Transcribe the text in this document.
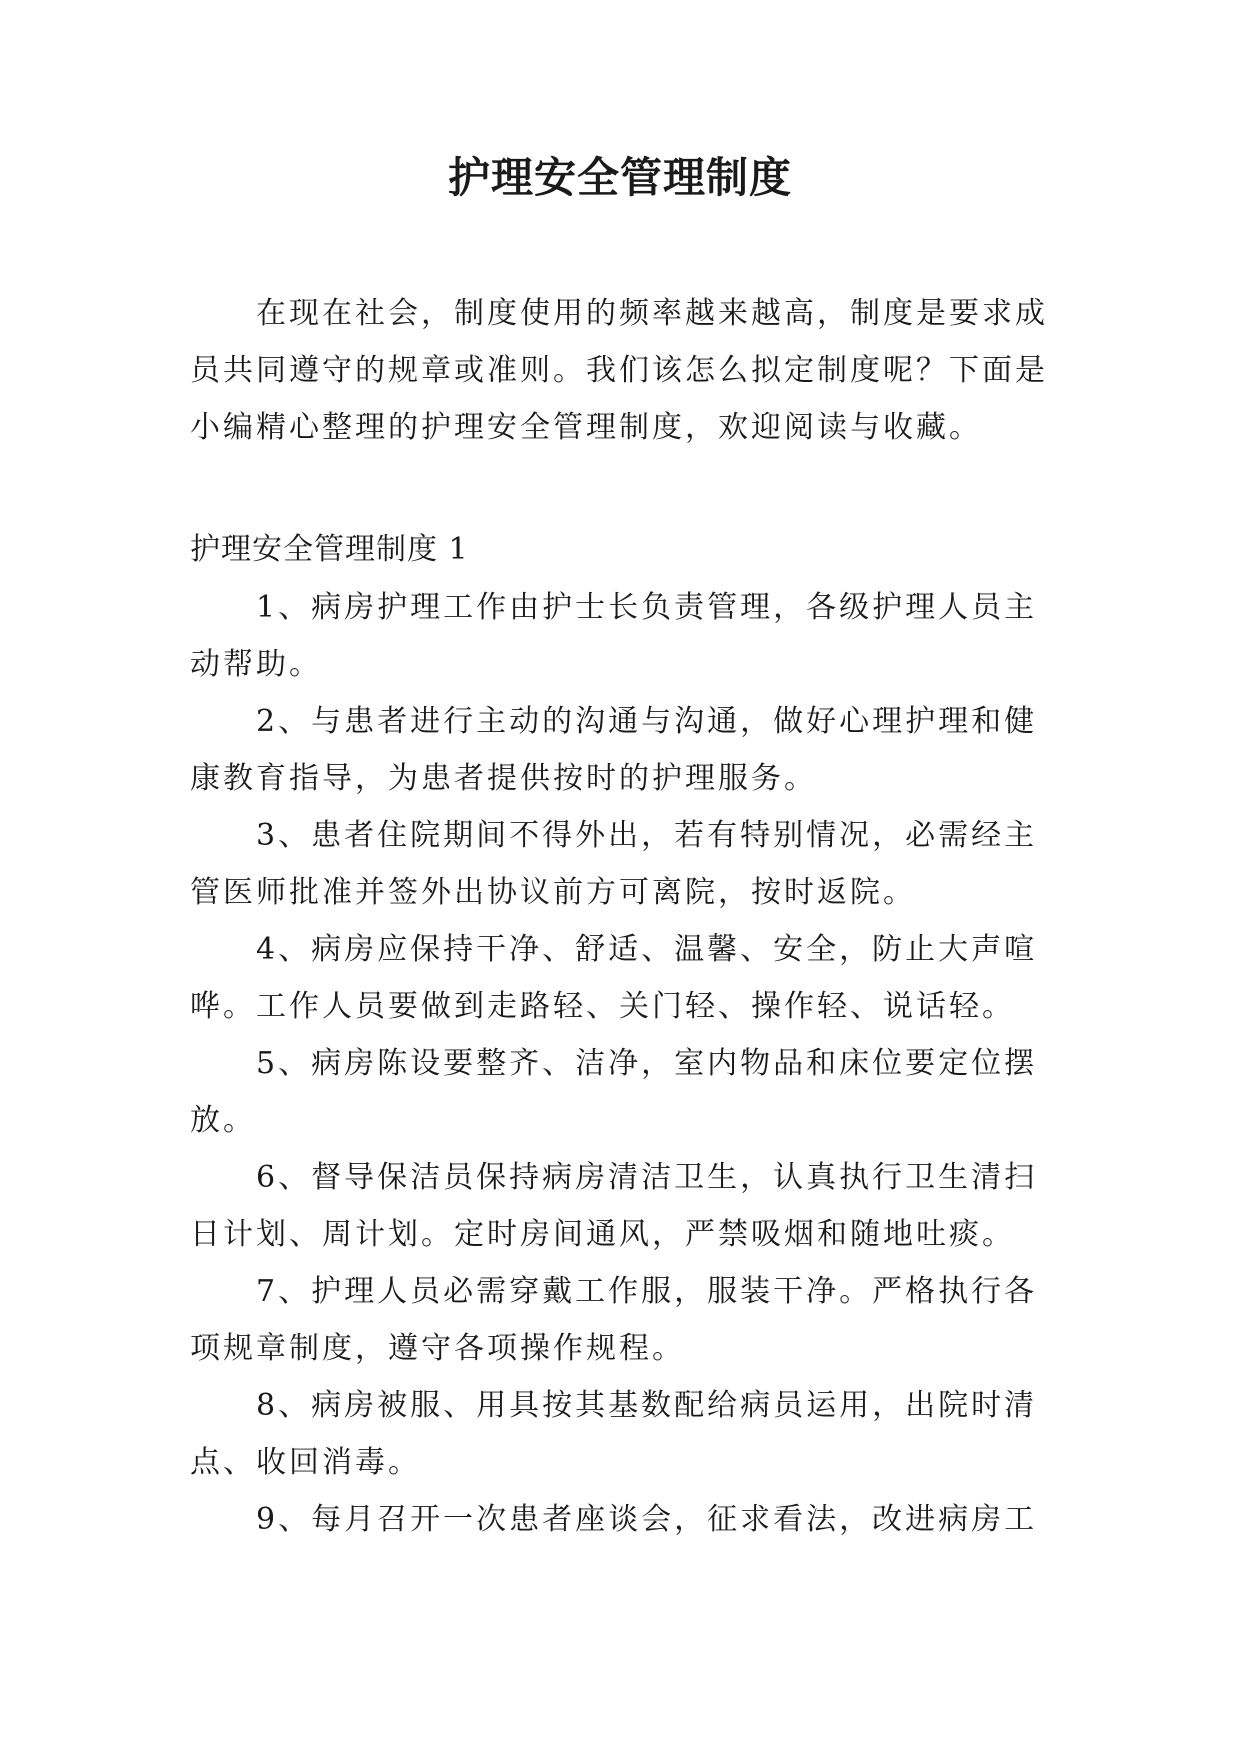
护理安全管理制度

在现在社会，制度使用的频率越来越高，制度是要求成员共同遵守的规章或准则。我们该怎么拟定制度呢？下面是小编精心整理的护理安全管理制度，欢迎阅读与收藏。

护理安全管理制度 1

1、病房护理工作由护士长负责管理，各级护理人员主动帮助。

2、与患者进行主动的沟通与沟通，做好心理护理和健康教育指导，为患者提供按时的护理服务。

3、患者住院期间不得外出，若有特别情况，必需经主管医师批准并签外出协议前方可离院，按时返院。

4、病房应保持干净、舒适、温馨、安全，防止大声喧哗。工作人员要做到走路轻、关门轻、操作轻、说话轻。

5、病房陈设要整齐、洁净，室内物品和床位要定位摆放。

6、督导保洁员保持病房清洁卫生，认真执行卫生清扫日计划、周计划。定时房间通风，严禁吸烟和随地吐痰。

7、护理人员必需穿戴工作服，服装干净。严格执行各项规章制度，遵守各项操作规程。

8、病房被服、用具按其基数配给病员运用，出院时清点、收回消毒。

9、每月召开一次患者座谈会，征求看法，改进病房工
